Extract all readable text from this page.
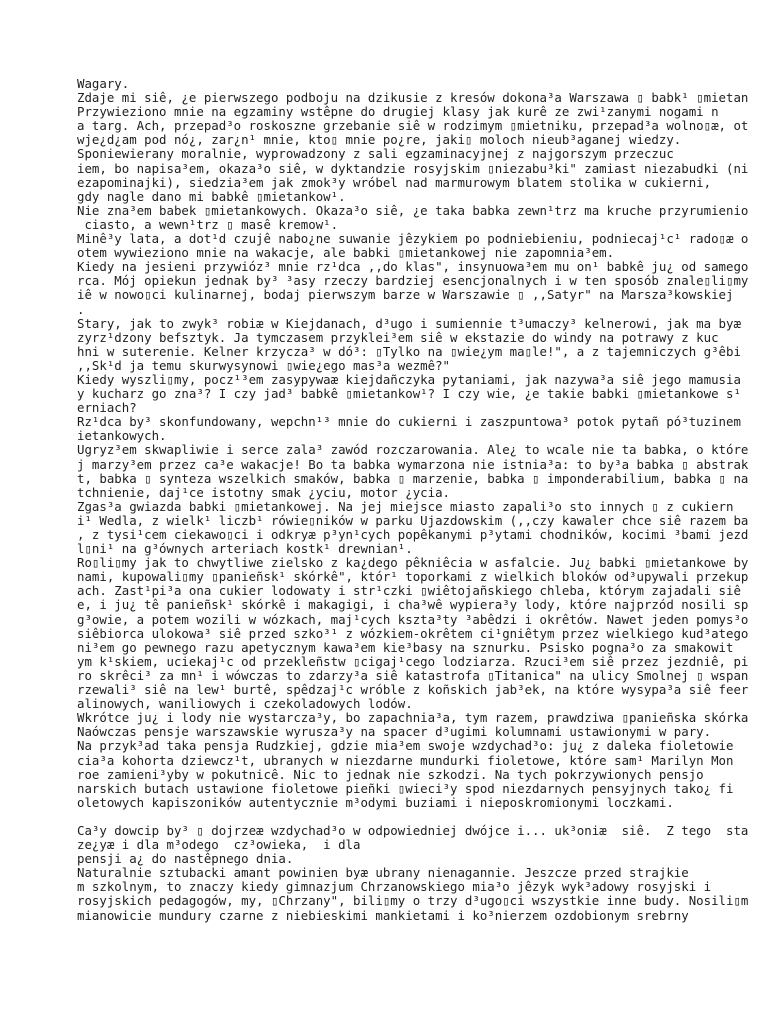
Wagary.
Zdaje mi siê, ¿e pierwszego podboju na dzikusie z kresów dokona³a Warszawa ▯ babk¹ ▯mietan
Przywieziono mnie na egzaminy wstêpne do drugiej klasy jak kurê ze zwi¹zanymi nogami n
a targ. Ach, przepad³o roskoszne grzebanie siê w rodzimym ▯mietniku, przepad³a wolno▯æ, ot
wje¿d¿am pod nó¿, zar¿n¹ mnie, kto▯ mnie po¿re, jaki▯ moloch nieub³aganej wiedzy.
Sponiewierany moralnie, wyprowadzony z sali egzaminacyjnej z najgorszym przeczuc
iem, bo napisa³em, okaza³o siê, w dyktandzie rosyjskim ▯niezabu³ki" zamiast niezabudki (ni
ezapominajki), siedzia³em jak zmok³y wróbel nad marmurowym blatem stolika w cukierni,
gdy nagle dano mi babkê ▯mietankow¹.
Nie zna³em babek ▯mietankowych. Okaza³o siê, ¿e taka babka zewn¹trz ma kruche przyrumienio
ciasto, a wewn¹trz ▯ masê kremow¹.
Minê³y lata, a dot¹d czujê nabo¿ne suwanie jêzykiem po podniebieniu, podniecaj¹c¹ rado▯æ o
otem wywieziono mnie na wakacje, ale babki ▯mietankowej nie zapomnia³em.
Kiedy na jesieni przywióz³ mnie rz¹dca ,,do klas", insynuowa³em mu on¹ babkê ju¿ od samego
rca. Mój opiekun jednak by³ ³asy rzeczy bardziej esencjonalnych i w ten sposób znale▯li▯my
iê w nowo▯ci kulinarnej, bodaj pierwszym barze w Warszawie ▯ ,,Satyr" na Marsza³kowskiej
.
Stary, jak to zwyk³ robiæ w Kiejdanach, d³ugo i sumiennie t³umaczy³ kelnerowi, jak ma byæ
zyrz¹dzony befsztyk. Ja tymczasem przyklei³em siê w ekstazie do windy na potrawy z kuc
hni w suterenie. Kelner krzycza³ w dó³: ▯Tylko na ▯wie¿ym ma▯le!", a z tajemniczych g³êbi
,,Sk¹d ja temu skurwysynowi ▯wie¿ego mas³a wezmê?"
Kiedy wyszli▯my, pocz¹³em zasypywaæ kiejdañczyka pytaniami, jak nazywa³a siê jego mamusia
y kucharz go zna³? I czy jad³ babkê ▯mietankow¹? I czy wie, ¿e takie babki ▯mietankowe s¹
erniach?
Rz¹dca by³ skonfundowany, wepchn¹³ mnie do cukierni i zaszpuntowa³ potok pytañ pó³tuzinem
ietankowych.
Ugryz³em skwapliwie i serce zala³ zawód rozczarowania. Ale¿ to wcale nie ta babka, o które
j marzy³em przez ca³e wakacje! Bo ta babka wymarzona nie istnia³a: to by³a babka ▯ abstrak
t, babka ▯ synteza wszelkich smaków, babka ▯ marzenie, babka ▯ imponderabilium, babka ▯ na
tchnienie, daj¹ce istotny smak ¿yciu, motor ¿ycia.
Zgas³a gwiazda babki ▯mietankowej. Na jej miejsce miasto zapali³o sto innych ▯ z cukiern
i¹ Wedla, z wielk¹ liczb¹ rówie▯ników w parku Ujazdowskim (,,czy kawaler chce siê razem ba
, z tysi¹cem ciekawo▯ci i odkryæ p³yn¹cych popêkanymi p³ytami chodników, kocimi ³bami jezd
l▯ni¹ na g³ównych arteriach kostk¹ drewnian¹.
Ro▯li▯my jak to chwytliwe zielsko z ka¿dego pêkniêcia w asfalcie. Ju¿ babki ▯mietankowe by
nami, kupowali▯my ▯panieñsk¹ skórkê", któr¹ toporkami z wielkich bloków od³upywali przekup
ach. Zast¹pi³a ona cukier lodowaty i str¹czki ▯wiêtojañskiego chleba, którym zajadali siê
e, i ju¿ tê panieñsk¹ skórkê i makagigi, i cha³wê wypiera³y lody, które najprzód nosili sp
g³owie, a potem wozili w wózkach, maj¹cych kszta³ty ³abêdzi i okrêtów. Nawet jeden pomys³o
siêbiorca ulokowa³ siê przed szko³¹ z wózkiem-okrêtem ci¹gniêtym przez wielkiego kud³atego
ni³em go pewnego razu apetycznym kawa³em kie³basy na sznurku. Psisko pogna³o za smakowit
ym k¹skiem, uciekaj¹c od przekleñstw ▯cigaj¹cego lodziarza. Rzuci³em siê przez jezdniê, pi
ro skrêci³ za mn¹ i wówczas to zdarzy³a siê katastrofa ▯Titanica" na ulicy Smolnej ▯ wspan
rzewali³ siê na lew¹ burtê, spêdzaj¹c wróble z koñskich jab³ek, na które wysypa³a siê feer
alinowych, waniliowych i czekoladowych lodów.
Wkrótce ju¿ i lody nie wystarcza³y, bo zapachnia³a, tym razem, prawdziwa ▯panieñska skórka
Naówczas pensje warszawskie wyrusza³y na spacer d³ugimi kolumnami ustawionymi w pary.
Na przyk³ad taka pensja Rudzkiej, gdzie mia³em swoje wzdychad³o: ju¿ z daleka fioletowie
cia³a kohorta dziewcz¹t, ubranych w niezdarne mundurki fioletowe, które sam¹ Marilyn Mon
roe zamieni³yby w pokutnicê. Nic to jednak nie szkodzi. Na tych pokrzywionych pensjo
narskich butach ustawione fioletowe pieñki ▯wieci³y spod niezdarnych pensyjnych tako¿ fi
oletowych kapiszoników autentycznie m³odymi buziami i nieposkromionymi loczkami.
Ca³y dowcip by³ ▯ dojrzeæ wzdychad³o w odpowiedniej dwójce i... uk³oniæ  siê.  Z tego  sta
ze¿yæ i dla m³odego  cz³owieka,  i dla
pensji a¿ do nastêpnego dnia.
Naturalnie sztubacki amant powinien byæ ubrany nienagannie. Jeszcze przed strajkie
m szkolnym, to znaczy kiedy gimnazjum Chrzanowskiego mia³o jêzyk wyk³adowy rosyjski i
rosyjskich pedagogów, my, ▯Chrzany", bili▯my o trzy d³ugo▯ci wszystkie inne budy. Nosili▯m
mianowicie mundury czarne z niebieskimi mankietami i ko³nierzem ozdobionym srebrny
